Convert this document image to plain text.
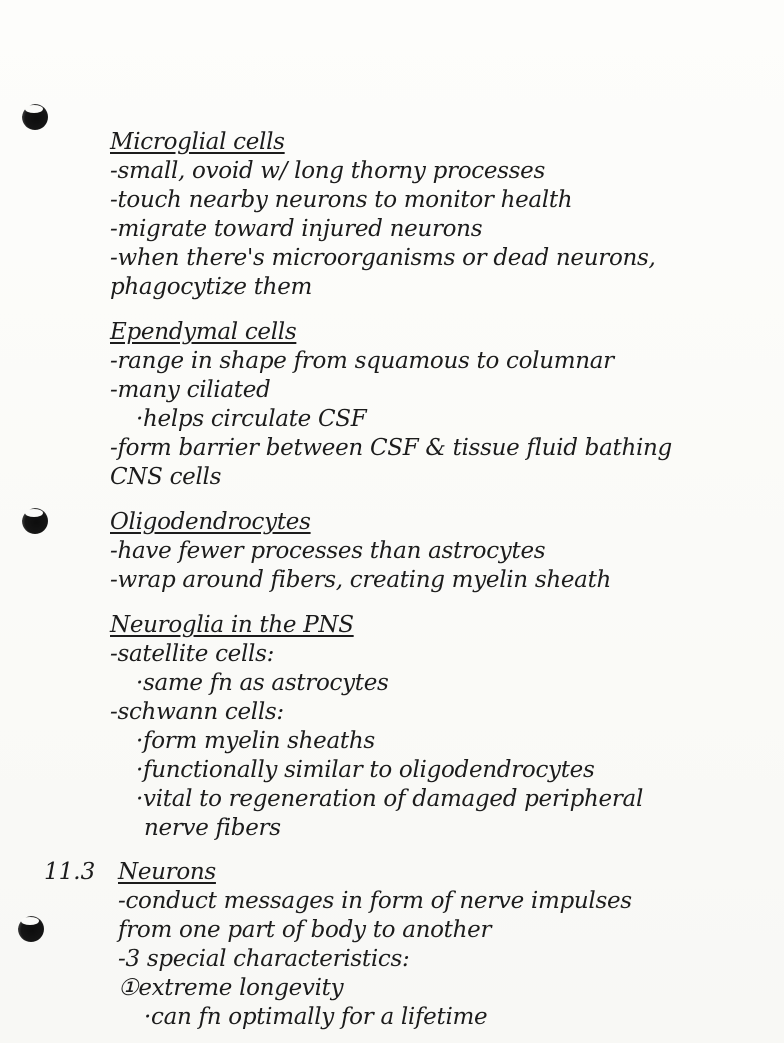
Microglial cells
-small, ovoid w/ long thorny processes
-touch nearby neurons to monitor health
-migrate toward injured neurons
-when there's microorganisms or dead neurons,
phagocytize them
Ependymal cells
-range in shape from squamous to columnar
-many ciliated
·helps circulate CSF
-form barrier between CSF & tissue fluid bathing
CNS cells
Oligodendrocytes
-have fewer processes than astrocytes
-wrap around fibers, creating myelin sheath
Neuroglia in the PNS
-satellite cells:
·same fn as astrocytes
-schwann cells:
·form myelin sheaths
·functionally similar to oligodendrocytes
·vital to regeneration of damaged peripheral
nerve fibers
11.3 Neurons
-conduct messages in form of nerve impulses
from one part of body to another
-3 special characteristics:
①extreme longevity
·can fn optimally for a lifetime
